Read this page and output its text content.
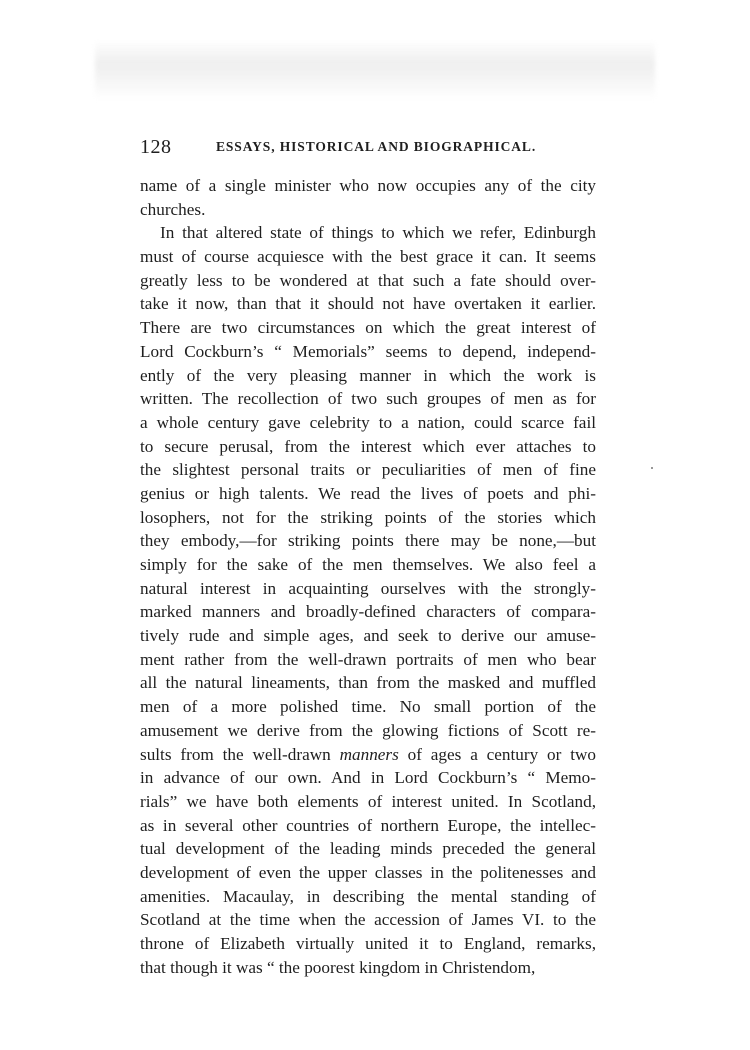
128	ESSAYS, HISTORICAL AND BIOGRAPHICAL.
name of a single minister who now occupies any of the city
churches.
In that altered state of things to which we refer, Edinburgh
must of course acquiesce with the best grace it can. It seems
greatly less to be wondered at that such a fate should over-
take it now, than that it should not have overtaken it earlier.
There are two circumstances on which the great interest of
Lord Cockburn’s “ Memorials” seems to depend, independ-
ently of the very pleasing manner in which the work is
written. The recollection of two such groupes of men as for
a whole century gave celebrity to a nation, could scarce fail
to secure perusal, from the interest which ever attaches to
the slightest personal traits or peculiarities of men of fine
genius or high talents. We read the lives of poets and phi-
losophers, not for the striking points of the stories which
they embody,—for striking points there may be none,—but
simply for the sake of the men themselves. We also feel a
natural interest in acquainting ourselves with the strongly-
marked manners and broadly-defined characters of compara-
tively rude and simple ages, and seek to derive our amuse-
ment rather from the well-drawn portraits of men who bear
all the natural lineaments, than from the masked and muffled
men of a more polished time. No small portion of the
amusement we derive from the glowing fictions of Scott re-
sults from the well-drawn manners of ages a century or two
in advance of our own. And in Lord Cockburn’s “ Memo-
rials” we have both elements of interest united. In Scotland,
as in several other countries of northern Europe, the intellec-
tual development of the leading minds preceded the general
development of even the upper classes in the politenesses and
amenities. Macaulay, in describing the mental standing of
Scotland at the time when the accession of James VI. to the
throne of Elizabeth virtually united it to England, remarks,
that though it was “ the poorest kingdom in Christendom,
